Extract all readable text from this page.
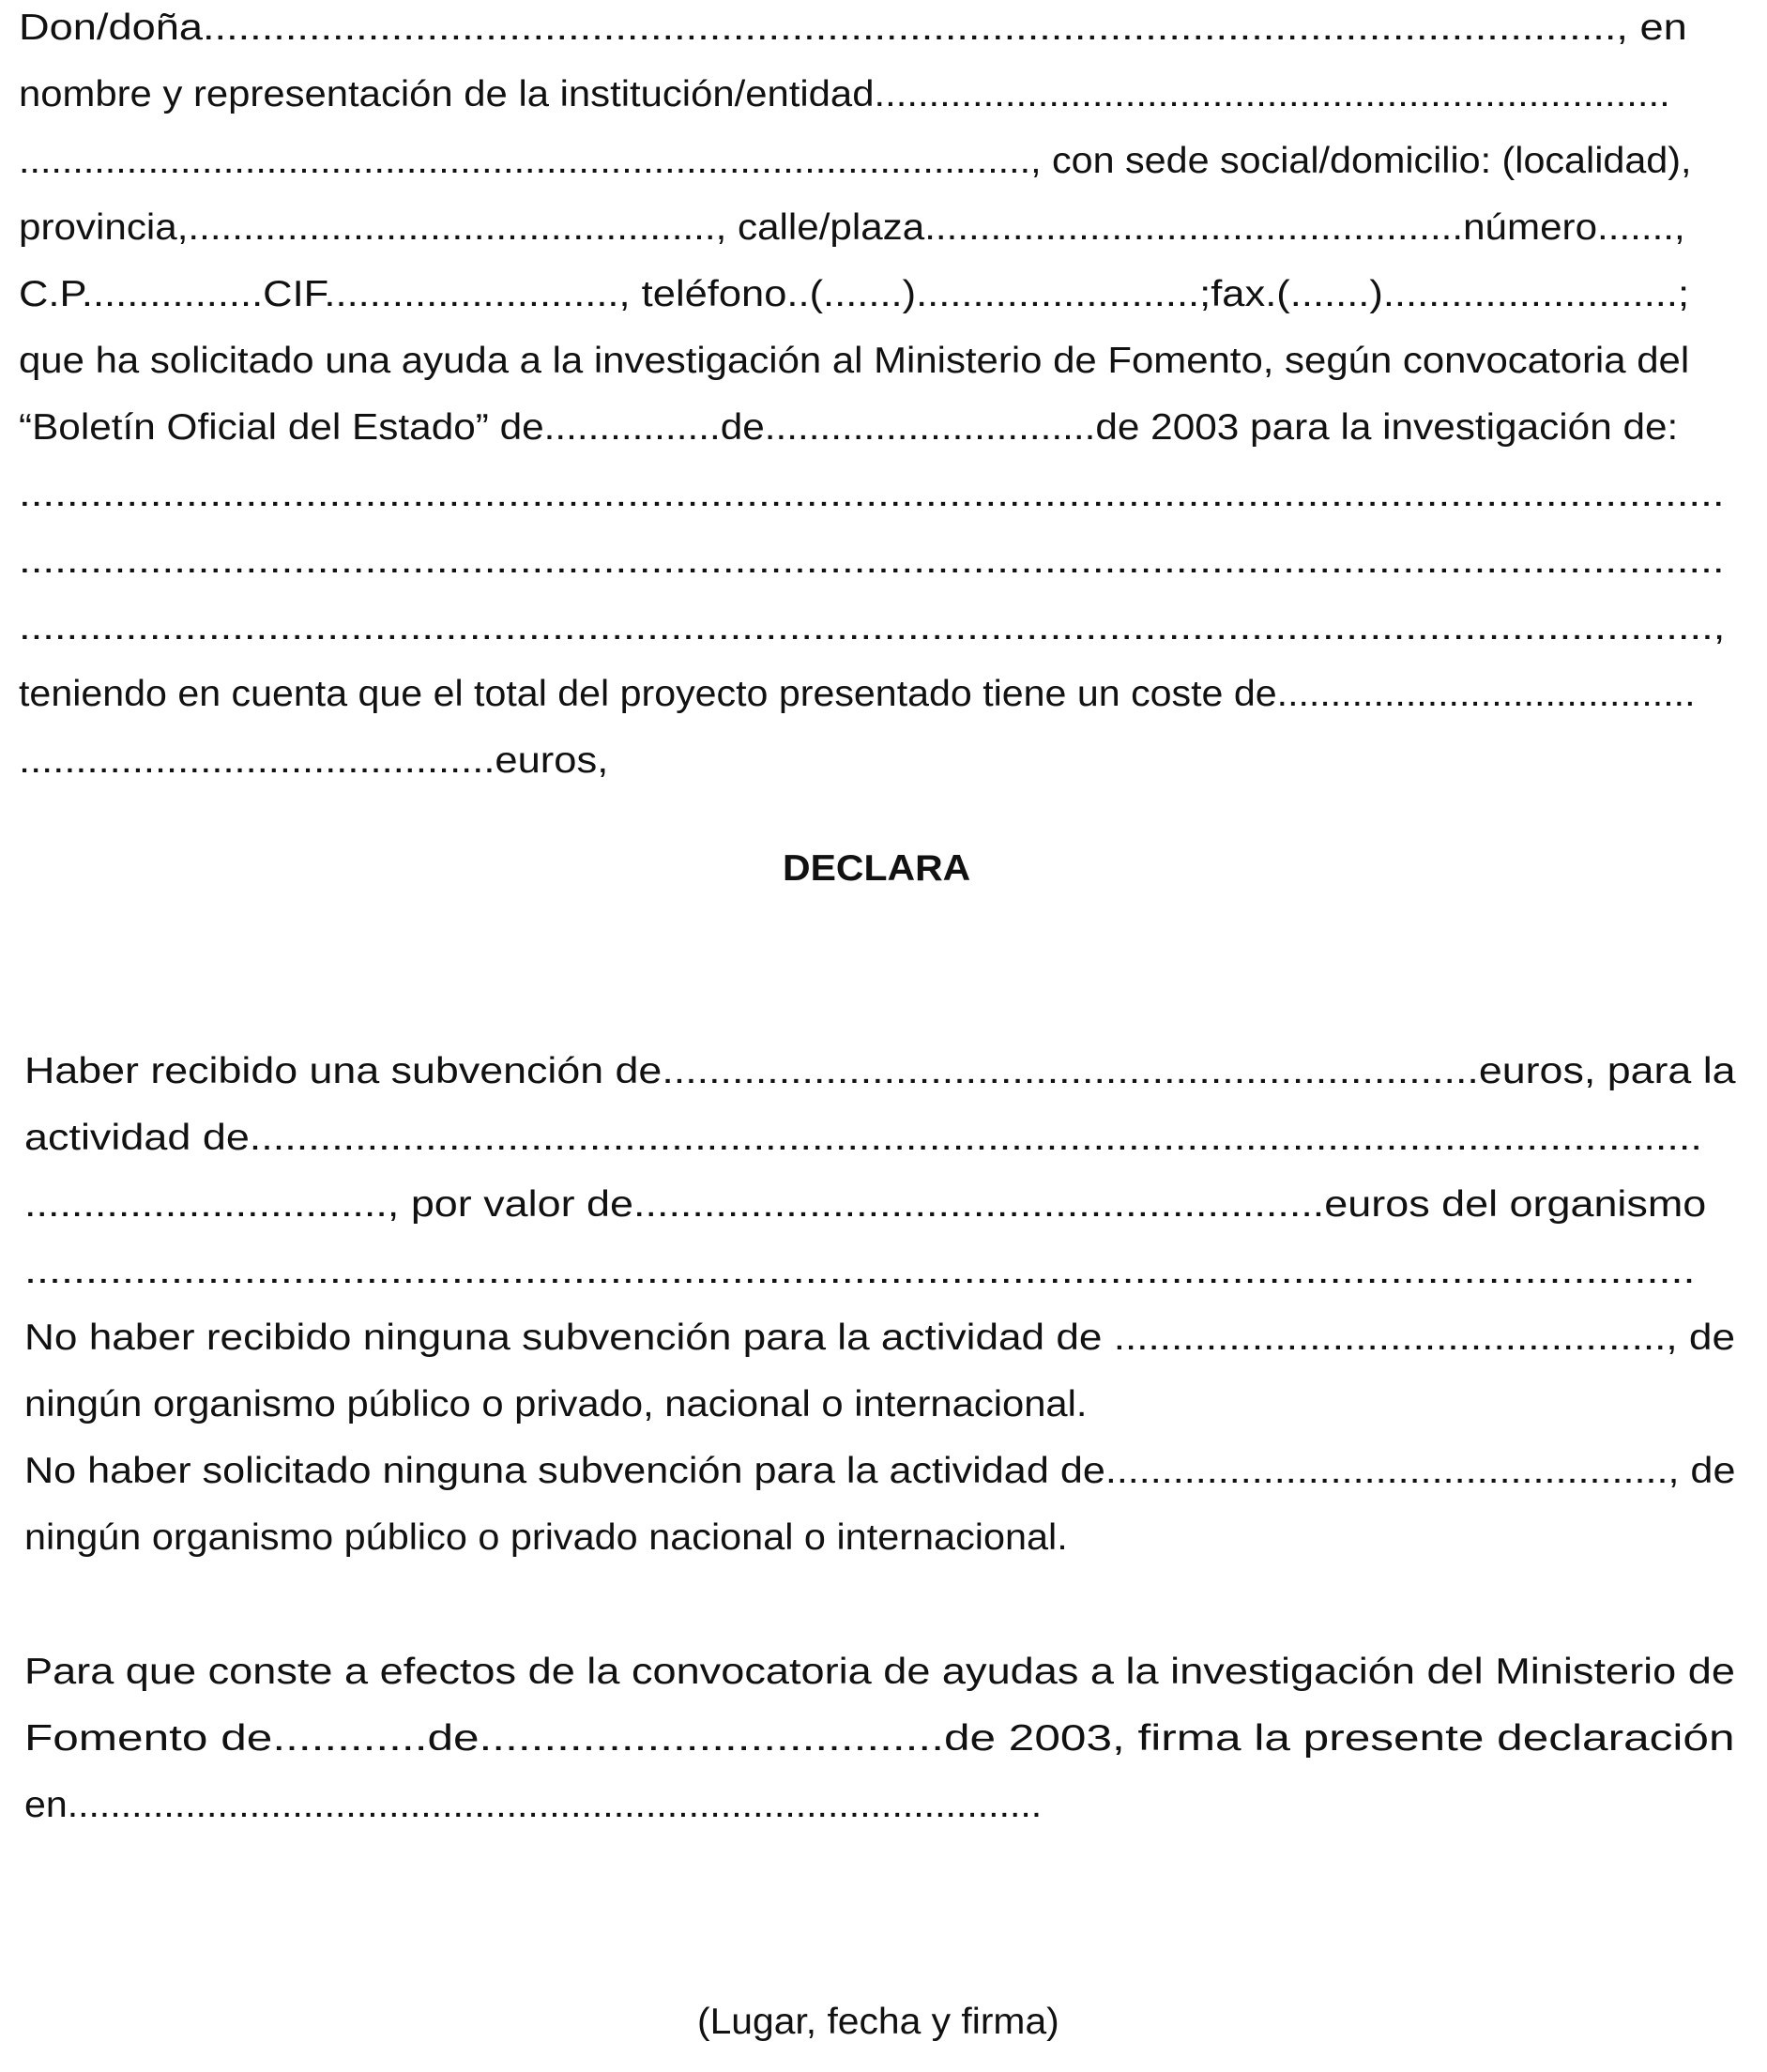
Don/doña........................................................................................................................, en
nombre y representación de la institución/entidad.........................................................................
.............................................................................................., con sede social/domicilio: (localidad),
provincia,................................................, calle/plaza.................................................número.......,
C.P................CIF.........................., teléfono..(.......).........................;fax.(.......)..........................;
que ha solicitado una ayuda a la investigación al Ministerio de Fomento, según convocatoria del
“Boletín Oficial del Estado” de................de..............................de 2003 para la investigación de:
...............................................................................................................................................
...............................................................................................................................................
...............................................................................................................................................,
teniendo en cuenta que el total del proyecto presentado tiene un coste de.......................................
..........................................euros,
DECLARA
Haber recibido una subvención de......................................................................euros, para la
actividad de............................................................................................................................
..............................., por valor de...........................................................euros del organismo
.........................................................................................................................................
No haber recibido ninguna subvención para la actividad de ................................................, de
ningún organismo público o privado, nacional o internacional.
No haber solicitado ninguna subvención para la actividad de.................................................., de
ningún organismo público o privado nacional o internacional.
Para que conste a efectos de la convocatoria de ayudas a la investigación del Ministerio de
Fomento de............de....................................de 2003, firma la presente declaración
en...........................................................................................
(Lugar, fecha y firma)
